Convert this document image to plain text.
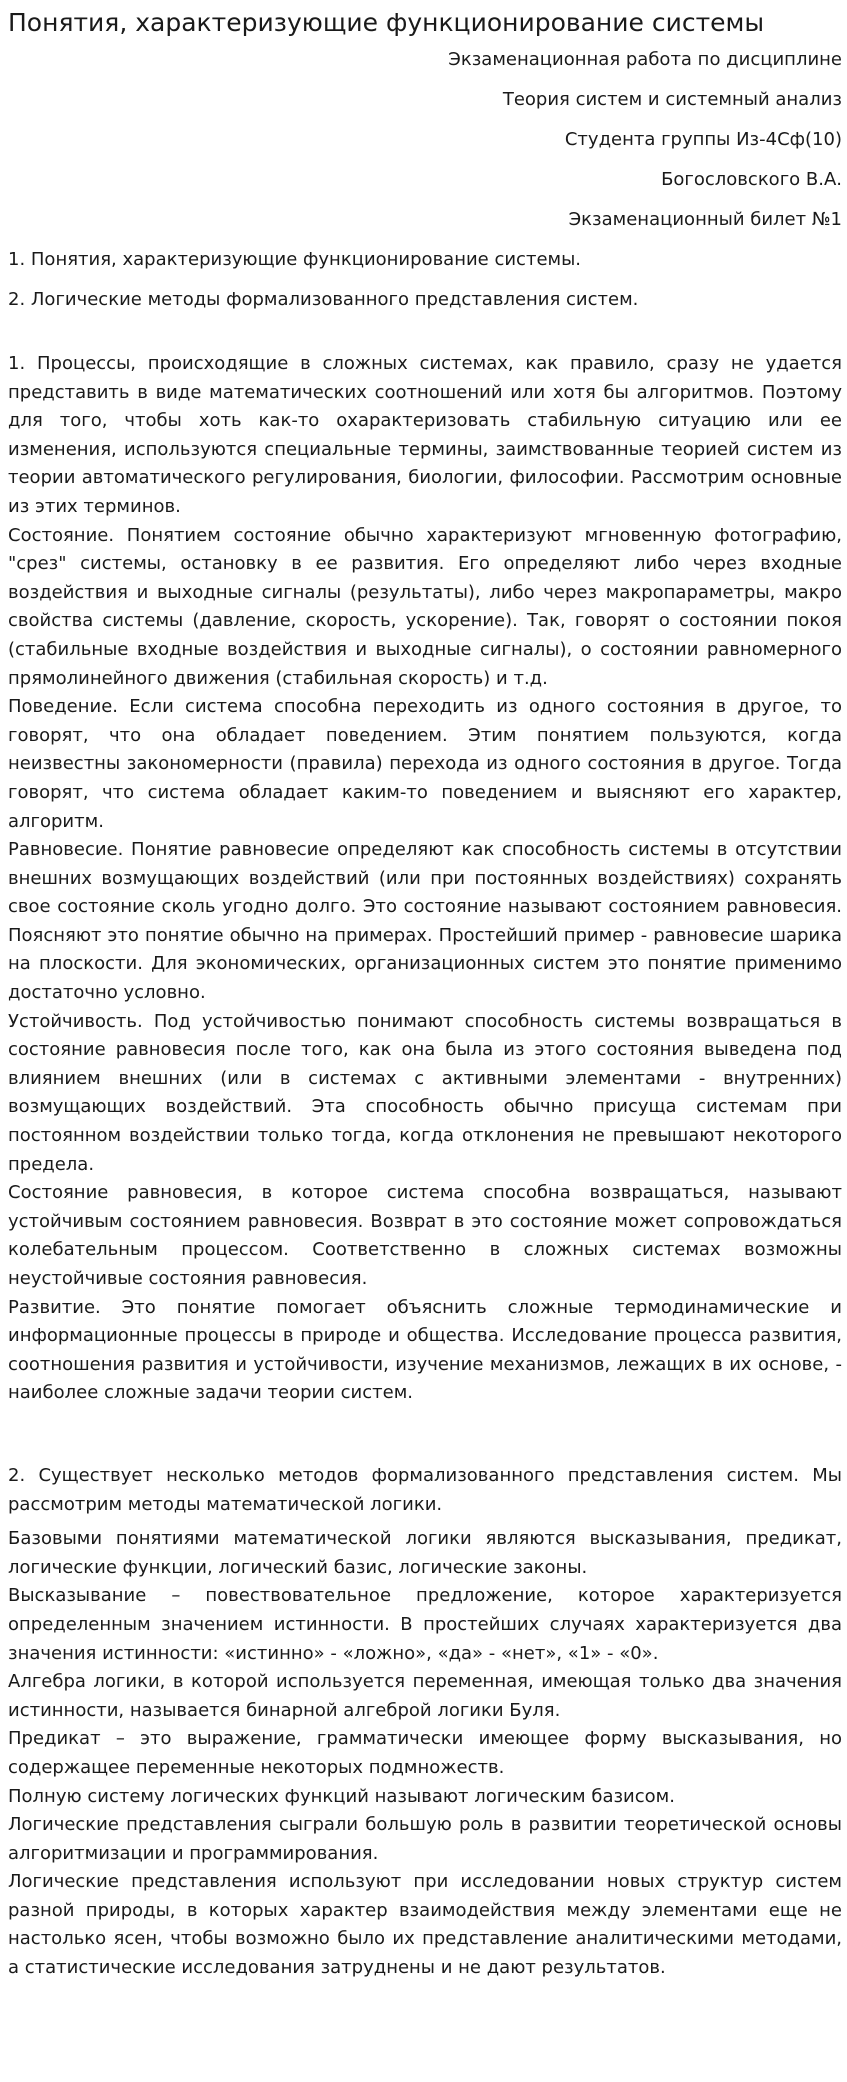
Понятия, характеризующие функционирование системы
Экзаменационная работа по дисциплине
Теория систем и системный анализ
Студента группы Из-4Сф(10)
Богословского В.А.
Экзаменационный билет №1
1. Понятия, характеризующие функционирование системы.
2. Логические методы формализованного представления систем.

1. Процессы, происходящие в сложных системах, как правило, сразу не удается представить в виде математических соотношений или хотя бы алгоритмов. Поэтому для того, чтобы хоть как-то охарактеризовать стабильную ситуацию или ее изменения, используются специальные термины, заимствованные теорией систем из теории автоматического регулирования, биологии, философии. Рассмотрим основные из этих терминов.

Состояние. Понятием состояние обычно характеризуют мгновенную фотографию, "срез" системы, остановку в ее развития. Его определяют либо через входные воздействия и выходные сигналы (результаты), либо через макропараметры, макро свойства системы (давление, скорость, ускорение). Так, говорят о состоянии покоя (стабильные входные воздействия и выходные сигналы), о состоянии равномерного прямолинейного движения (стабильная скорость) и т.д.

Поведение. Если система способна переходить из одного состояния в другое, то говорят, что она обладает поведением. Этим понятием пользуются, когда неизвестны закономерности (правила) перехода из одного состояния в другое. Тогда говорят, что система обладает каким-то поведением и выясняют его характер, алгоритм.

Равновесие. Понятие равновесие определяют как способность системы в отсутствии внешних возмущающих воздействий (или при постоянных воздействиях) сохранять свое состояние сколь угодно долго. Это состояние называют состоянием равновесия. Поясняют это понятие обычно на примерах. Простейший пример - равновесие шарика на плоскости. Для экономических, организационных систем это понятие применимо достаточно условно.

Устойчивость. Под устойчивостью понимают способность системы возвращаться в состояние равновесия после того, как она была из этого состояния выведена под влиянием внешних (или в системах с активными элементами - внутренних) возмущающих воздействий. Эта способность обычно присуща системам при постоянном воздействии только тогда, когда отклонения не превышают некоторого предела.

Состояние равновесия, в которое система способна возвращаться, называют устойчивым состоянием равновесия. Возврат в это состояние может сопровождаться колебательным процессом. Соответственно в сложных системах возможны неустойчивые состояния равновесия.

Развитие. Это понятие помогает объяснить сложные термодинамические и информационные процессы в природе и общества. Исследование процесса развития, соотношения развития и устойчивости, изучение механизмов, лежащих в их основе, - наиболее сложные задачи теории систем.

2. Существует несколько методов формализованного представления систем. Мы рассмотрим методы математической логики.

Базовыми понятиями математической логики являются высказывания, предикат, логические функции, логический базис, логические законы.

Высказывание – повествовательное предложение, которое характеризуется определенным значением истинности. В простейших случаях характеризуется два значения истинности: «истинно» - «ложно», «да» - «нет», «1» - «0».

Алгебра логики, в которой используется переменная, имеющая только два значения истинности, называется бинарной алгеброй логики Буля.

Предикат – это выражение, грамматически имеющее форму высказывания, но содержащее переменные некоторых подмножеств.

Полную систему логических функций называют логическим базисом.

Логические представления сыграли большую роль в развитии теоретической основы алгоритмизации и программирования.

Логические представления используют при исследовании новых структур систем разной природы, в которых характер взаимодействия между элементами еще не настолько ясен, чтобы возможно было их представление аналитическими методами, а статистические исследования затруднены и не дают результатов.
